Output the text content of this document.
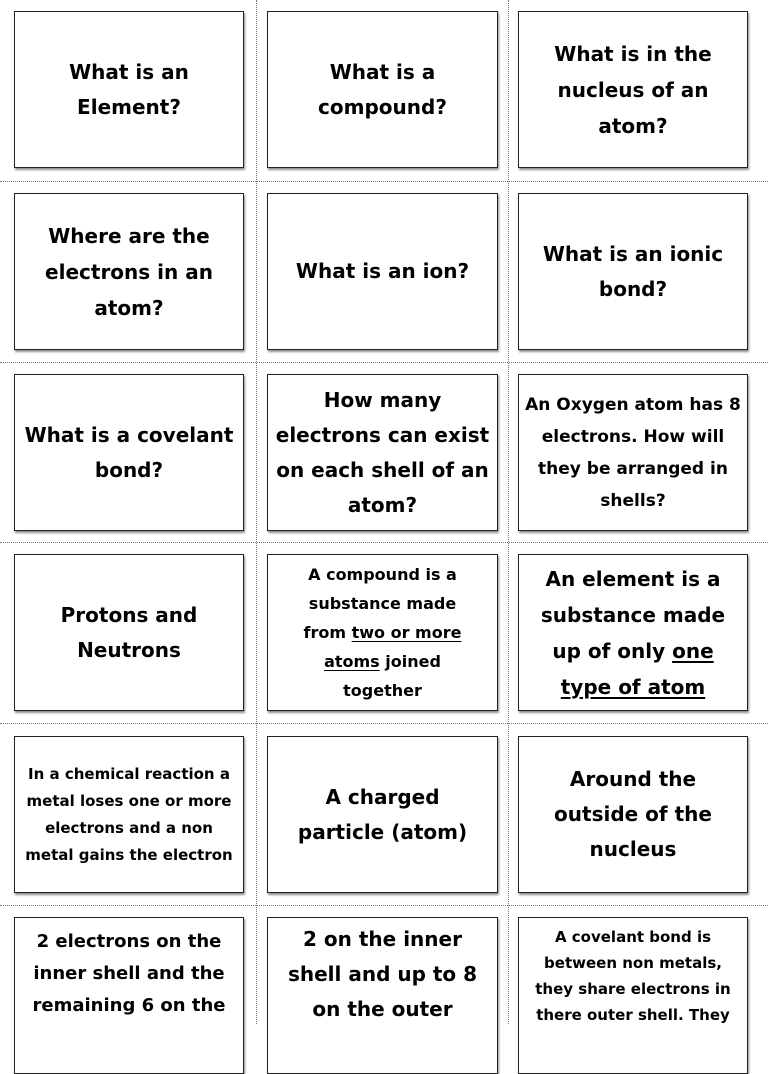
What is an Element?

What is a compound?

What is in the nucleus of an atom?

Where are the electrons in an atom?

What is an ion?

What is an ionic bond?

What is a covelant bond?

How many electrons can exist on each shell of an atom?

An Oxygen atom has 8 electrons. How will they be arranged in shells?

Protons and Neutrons

A compound is a substance made from two or more atoms joined together

An element is a substance made up of only one type of atom

In a chemical reaction a metal loses one or more electrons and a non metal gains the electron

A charged particle (atom)

Around the outside of the nucleus

2 electrons on the inner shell and the remaining 6 on the

2 on the inner shell and up to 8 on the outer

A covelant bond is between non metals, they share electrons in there outer shell. They
